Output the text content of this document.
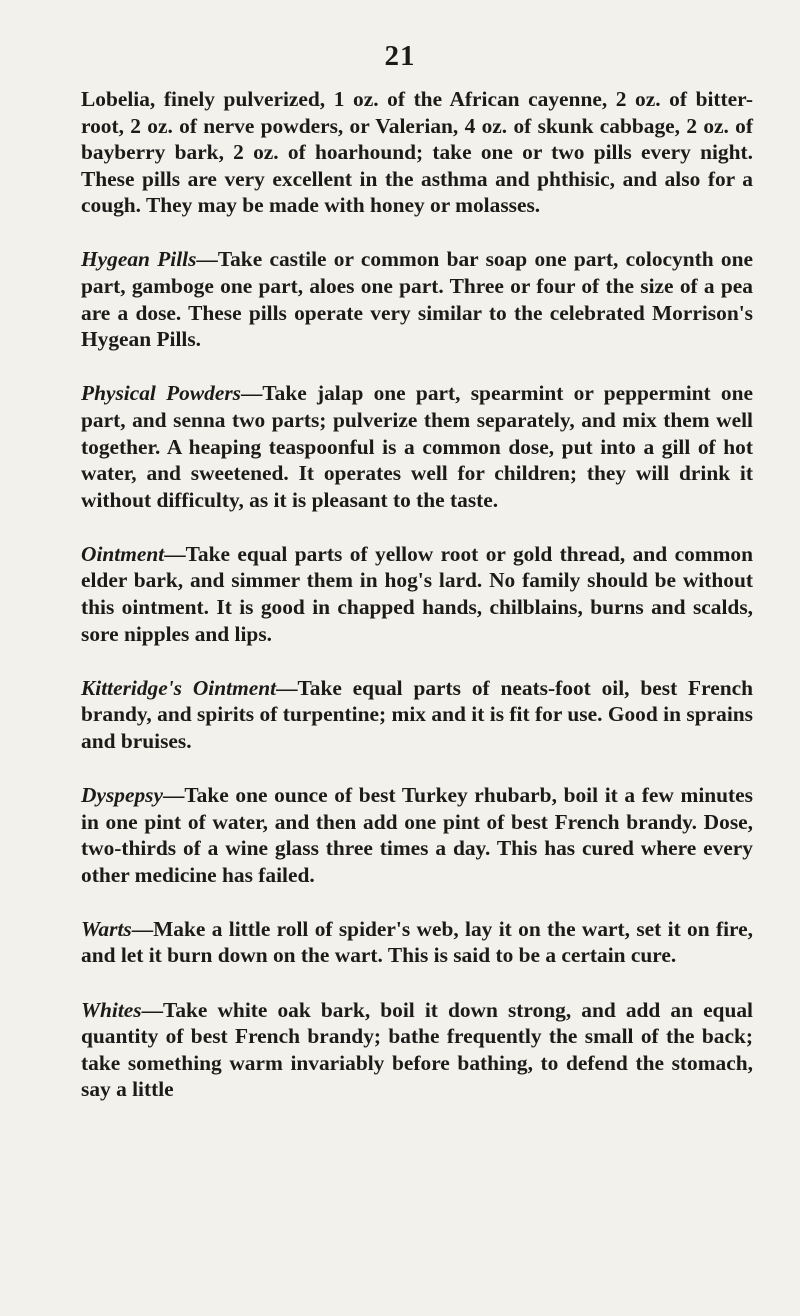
21

Lobelia, finely pulverized, 1 oz. of the African cayenne, 2 oz. of bitter-root, 2 oz. of nerve powders, or Valerian, 4 oz. of skunk cabbage, 2 oz. of bayberry bark, 2 oz. of hoarhound; take one or two pills every night. These pills are very excellent in the asthma and phthisic, and also for a cough. They may be made with honey or molasses.

Hygean Pills—Take castile or common bar soap one part, colocynth one part, gamboge one part, aloes one part. Three or four of the size of a pea are a dose. These pills operate very similar to the celebrated Morrison's Hygean Pills.

Physical Powders—Take jalap one part, spearmint or peppermint one part, and senna two parts; pulverize them separately, and mix them well together. A heaping teaspoonful is a common dose, put into a gill of hot water, and sweetened. It operates well for children; they will drink it without difficulty, as it is pleasant to the taste.

Ointment—Take equal parts of yellow root or gold thread, and common elder bark, and simmer them in hog's lard. No family should be without this ointment. It is good in chapped hands, chilblains, burns and scalds, sore nipples and lips.

Kitteridge's Ointment—Take equal parts of neats-foot oil, best French brandy, and spirits of turpentine; mix and it is fit for use. Good in sprains and bruises.

Dyspepsy—Take one ounce of best Turkey rhubarb, boil it a few minutes in one pint of water, and then add one pint of best French brandy. Dose, two-thirds of a wine glass three times a day. This has cured where every other medicine has failed.

Warts—Make a little roll of spider's web, lay it on the wart, set it on fire, and let it burn down on the wart. This is said to be a certain cure.

Whites—Take white oak bark, boil it down strong, and add an equal quantity of best French brandy; bathe frequently the small of the back; take something warm invariably before bathing, to defend the stomach, say a little
